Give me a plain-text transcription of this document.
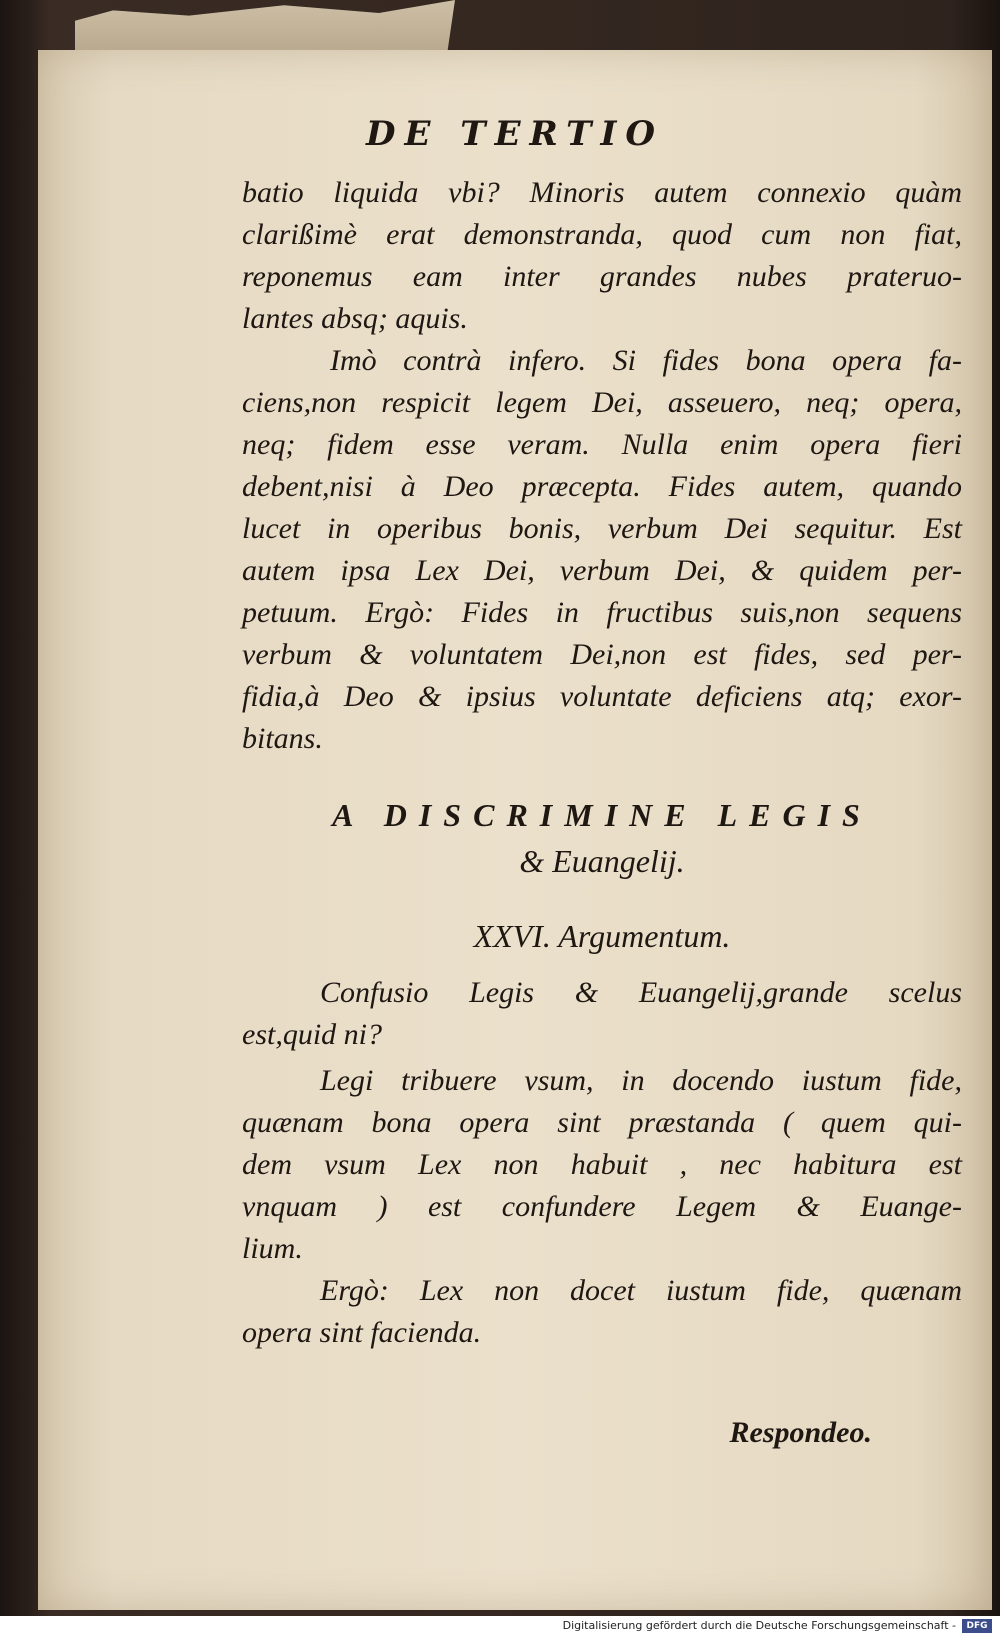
DE TERTIO
batio liquida vbi? Minoris autem connexio quàm
clarißimè erat demonstranda, quod cum non fiat,
reponemus eam inter grandes nubes prateruo-
lantes absq; aquis.
Imò contrà infero. Si fides bona opera fa-
ciens,non respicit legem Dei, asseuero, neq; opera,
neq; fidem esse veram. Nulla enim opera fieri
debent,nisi à Deo præcepta. Fides autem, quando
lucet in operibus bonis, verbum Dei sequitur. Est
autem ipsa Lex Dei, verbum Dei, & quidem per-
petuum. Ergò: Fides in fructibus suis,non sequens
verbum & voluntatem Dei,non est fides, sed per-
fidia,à Deo & ipsius voluntate deficiens atq; exor-
bitans.
A DISCRIMINE LEGIS
& Euangelij.
XXVI. Argumentum.
Confusio Legis & Euangelij,grande scelus
est,quid ni?
Legi tribuere vsum, in docendo iustum fide,
quænam bona opera sint præstanda ( quem qui-
dem vsum Lex non habuit , nec habitura est
vnquam ) est confundere Legem & Euange-
lium.
Ergò: Lex non docet iustum fide, quænam
opera sint facienda.
Respondeo.
Digitalisierung gefördert durch die Deutsche Forschungsgemeinschaft -	DFG
